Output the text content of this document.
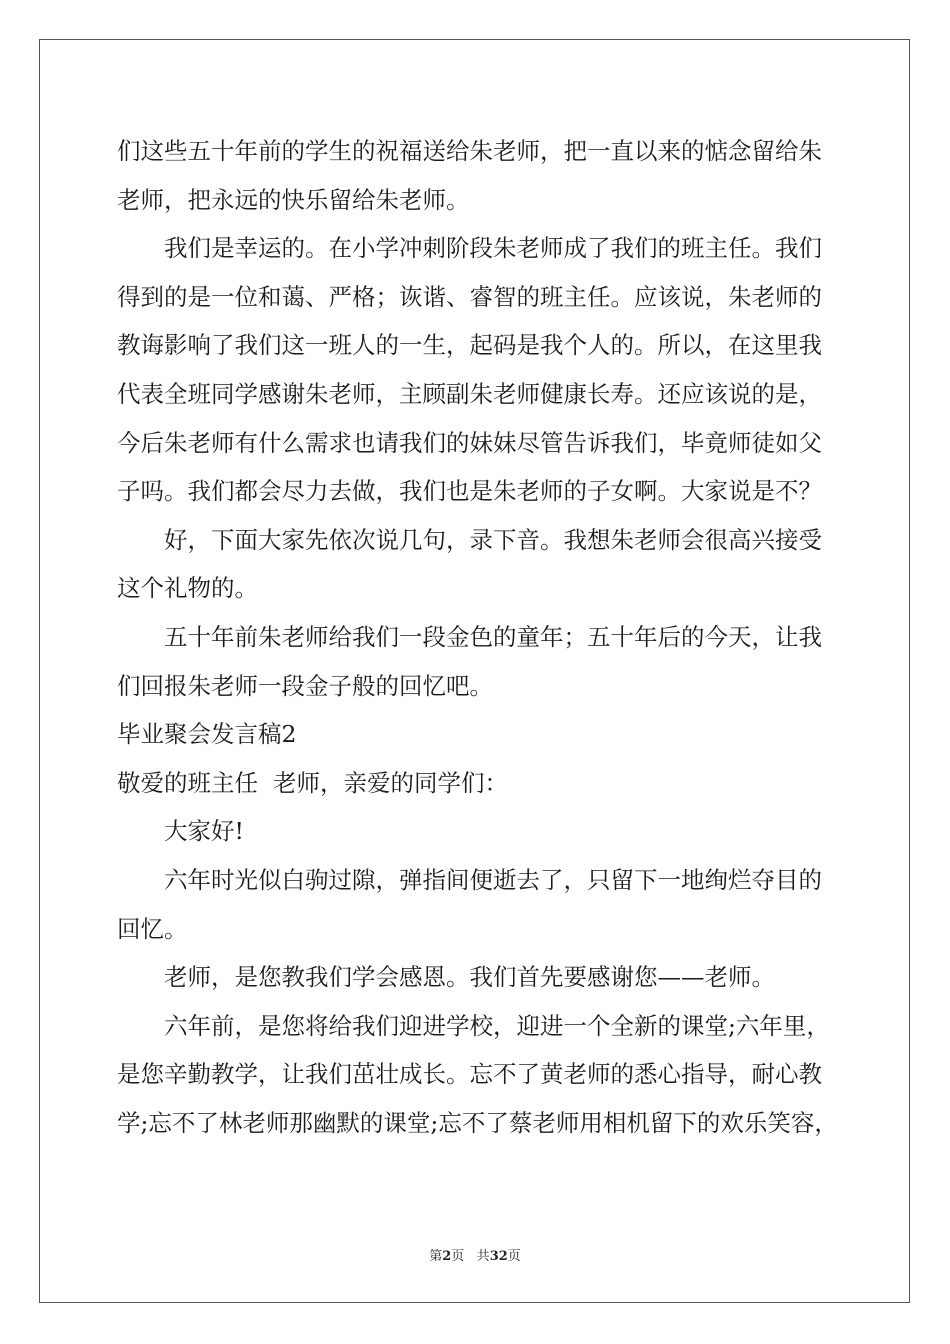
们这些五十年前的学生的祝福送给朱老师，把一直以来的惦念留给朱
老师，把永远的快乐留给朱老师。
我们是幸运的。在小学冲刺阶段朱老师成了我们的班主任。我们
得到的是一位和蔼、严格；诙谐、睿智的班主任。应该说，朱老师的
教诲影响了我们这一班人的一生，起码是我个人的。所以，在这里我
代表全班同学感谢朱老师，主顾副朱老师健康长寿。还应该说的是，
今后朱老师有什么需求也请我们的妹妹尽管告诉我们，毕竟师徒如父
子吗。我们都会尽力去做，我们也是朱老师的子女啊。大家说是不？
好，下面大家先依次说几句，录下音。我想朱老师会很高兴接受
这个礼物的。
五十年前朱老师给我们一段金色的童年；五十年后的今天，让我
们回报朱老师一段金子般的回忆吧。
毕业聚会发言稿2
敬爱的班主任  老师，亲爱的同学们：
大家好!
六年时光似白驹过隙，弹指间便逝去了，只留下一地绚烂夺目的
回忆。
老师，是您教我们学会感恩。我们首先要感谢您——老师。
六年前，是您将给我们迎进学校，迎进一个全新的课堂;六年里，
是您辛勤教学，让我们茁壮成长。忘不了黄老师的悉心指导，耐心教
学;忘不了林老师那幽默的课堂;忘不了蔡老师用相机留下的欢乐笑容，
第2页 共32页
